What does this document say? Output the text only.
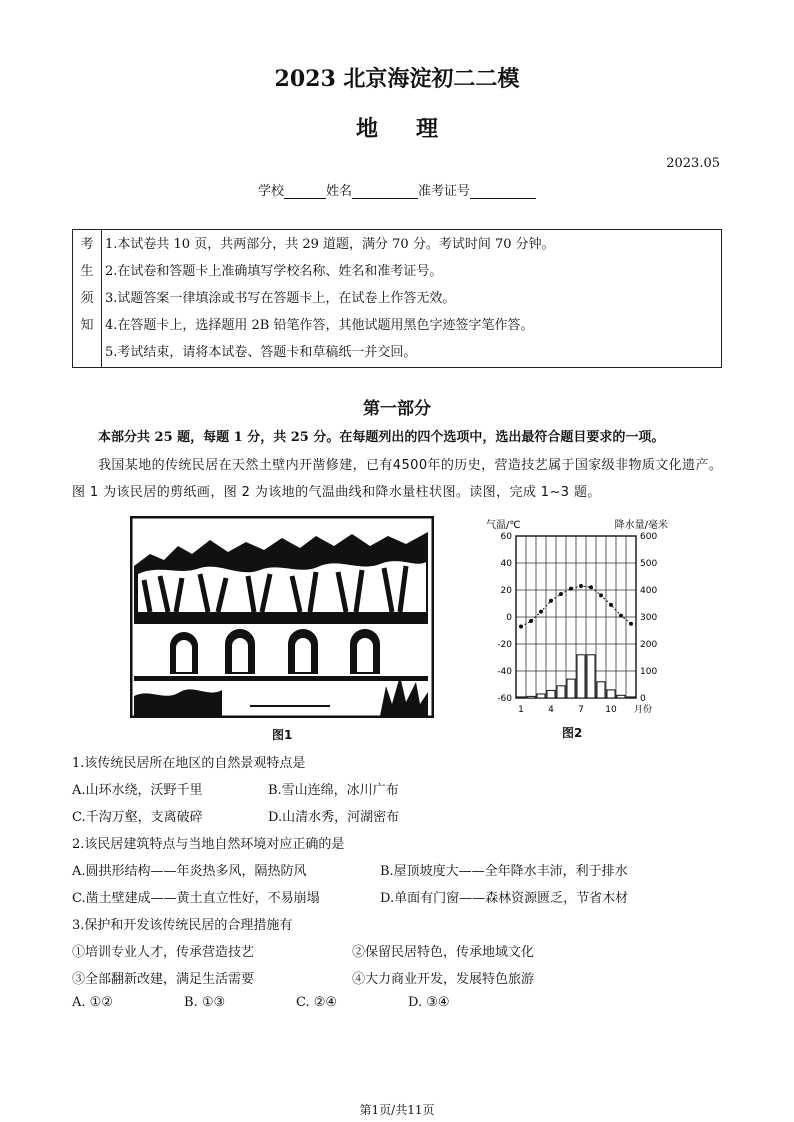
2023 北京海淀初二二模
地理
2023.05
学校	姓名	准考证号
考
生
须
知

1.本试卷共 10 页，共两部分，共 29 道题，满分 70 分。考试时间 70 分钟。
2.在试卷和答题卡上准确填写学校名称、姓名和准考证号。
3.试题答案一律填涂或书写在答题卡上，在试卷上作答无效。
4.在答题卡上，选择题用 2B 铅笔作答，其他试题用黑色字迹签字笔作答。
5.考试结束，请将本试卷、答题卡和草稿纸一并交回。
第一部分
本部分共 25 题，每题 1 分，共 25 分。在每题列出的四个选项中，选出最符合题目要求的一项。
我国某地的传统民居在天然土壁内开凿修建，已有4500年的历史，营造技艺属于国家级非物质文化遗产。图 1 为该民居的剪纸画，图 2 为该地的气温曲线和降水量柱状图。读图，完成 1~3 题。
图1
气温/℃	降水量/毫米
60
40
20
0
-20
-40
-60
600
500
400
300
200
100
0
1	4	7 10 月份
图2
1.该传统民居所在地区的自然景观特点是
A.山环水绕，沃野千里	B.雪山连绵，冰川广布
C.千沟万壑，支离破碎	D.山清水秀，河湖密布
2.该民居建筑特点与当地自然环境对应正确的是
A.圆拱形结构——年炎热多风，隔热防风	B.屋顶坡度大——全年降水丰沛，利于排水
C.凿土壁建成——黄土直立性好，不易崩塌	D.单面有门窗——森林资源匮乏，节省木材
3.保护和开发该传统民居的合理措施有
①培训专业人才，传承营造技艺	②保留民居特色，传承地域文化
③全部翻新改建，满足生活需要	④大力商业开发，发展特色旅游
A. ①②	B. ①③	C. ②④	D. ③④
第1页/共11页
